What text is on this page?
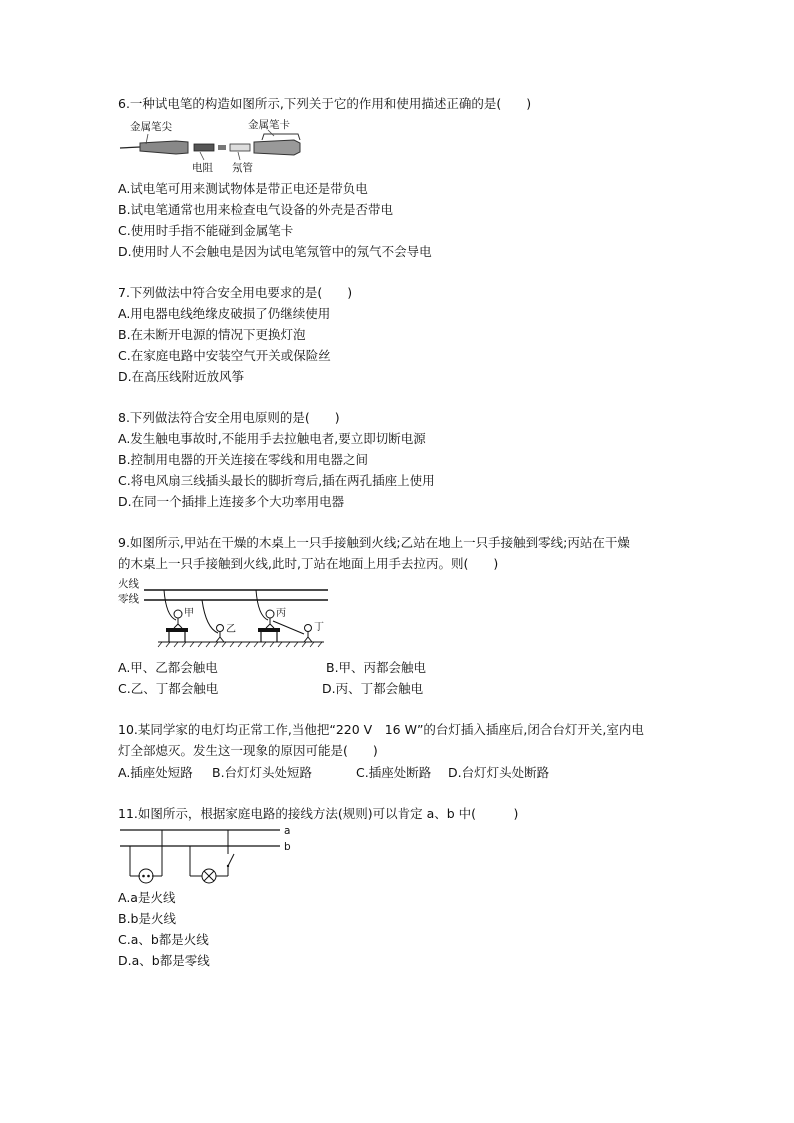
6.一种试电笔的构造如图所示,下列关于它的作用和使用描述正确的是(　　)
金属笔尖	金属笔卡
电阻 氖管
A.试电笔可用来测试物体是带正电还是带负电
B.试电笔通常也用来检查电气设备的外壳是否带电
C.使用时手指不能碰到金属笔卡
D.使用时人不会触电是因为试电笔氖管中的氖气不会导电
7.下列做法中符合安全用电要求的是(　　)
A.用电器电线绝缘皮破损了仍继续使用
B.在未断开电源的情况下更换灯泡
C.在家庭电路中安装空气开关或保险丝
D.在高压线附近放风筝
8.下列做法符合安全用电原则的是(　　)
A.发生触电事故时,不能用手去拉触电者,要立即切断电源
B.控制用电器的开关连接在零线和用电器之间
C.将电风扇三线插头最长的脚折弯后,插在两孔插座上使用
D.在同一个插排上连接多个大功率用电器
9.如图所示,甲站在干燥的木桌上一只手接触到火线;乙站在地上一只手接触到零线;丙站在干燥
的木桌上一只手接触到火线,此时,丁站在地面上用手去拉丙。则(　　)
火线
零线
甲
乙
丙
丁
A.甲、乙都会触电	B.甲、丙都会触电
C.乙、丁都会触电	D.丙、丁都会触电
10.某同学家的电灯均正常工作,当他把“220 V　16 W”的台灯插入插座后,闭合台灯开关,室内电
灯全部熄灭。发生这一现象的原因可能是(　　)
A.插座处短路 B.台灯灯头处短路	C.插座处断路 D.台灯灯头处断路
11.如图所示，根据家庭电路的接线方法(规则)可以肯定 a、b 中(　　　)
a
b
A.a是火线
B.b是火线
C.a、b都是火线
D.a、b都是零线
